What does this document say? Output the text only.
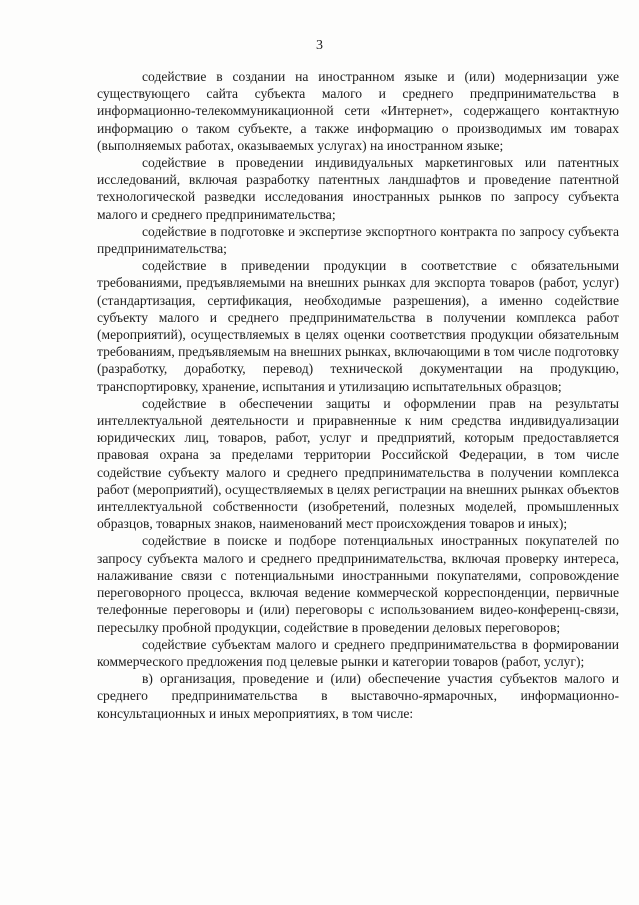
3

содействие в создании на иностранном языке и (или) модернизации уже существующего сайта субъекта малого и среднего предпринимательства в информационно-телекоммуникационной сети «Интернет», содержащего контактную информацию о таком субъекте, а также информацию о производимых им товарах (выполняемых работах, оказываемых услугах) на иностранном языке;

содействие в проведении индивидуальных маркетинговых или патентных исследований, включая разработку патентных ландшафтов и проведение патентной технологической разведки исследования иностранных рынков по запросу субъекта малого и среднего предпринимательства;

содействие в подготовке и экспертизе экспортного контракта по запросу субъекта предпринимательства;

содействие в приведении продукции в соответствие с обязательными требованиями, предъявляемыми на внешних рынках для экспорта товаров (работ, услуг) (стандартизация, сертификация, необходимые разрешения), а именно содействие субъекту малого и среднего предпринимательства в получении комплекса работ (мероприятий), осуществляемых в целях оценки соответствия продукции обязательным требованиям, предъявляемым на внешних рынках, включающими в том числе подготовку (разработку, доработку, перевод) технической документации на продукцию, транспортировку, хранение, испытания и утилизацию испытательных образцов;

содействие в обеспечении защиты и оформлении прав на результаты интеллектуальной деятельности и приравненные к ним средства индивидуализации юридических лиц, товаров, работ, услуг и предприятий, которым предоставляется правовая охрана за пределами территории Российской Федерации, в том числе содействие субъекту малого и среднего предпринимательства в получении комплекса работ (мероприятий), осуществляемых в целях регистрации на внешних рынках объектов интеллектуальной собственности (изобретений, полезных моделей, промышленных образцов, товарных знаков, наименований мест происхождения товаров и иных);

содействие в поиске и подборе потенциальных иностранных покупателей по запросу субъекта малого и среднего предпринимательства, включая проверку интереса, налаживание связи с потенциальными иностранными покупателями, сопровождение переговорного процесса, включая ведение коммерческой корреспонденции, первичные телефонные переговоры и (или) переговоры с использованием видео-конференц-связи, пересылку пробной продукции, содействие в проведении деловых переговоров;

содействие субъектам малого и среднего предпринимательства в формировании коммерческого предложения под целевые рынки и категории товаров (работ, услуг);

в) организация, проведение и (или) обеспечение участия субъектов малого и среднего предпринимательства в выставочно-ярмарочных, информационно-консультационных и иных мероприятиях, в том числе:
